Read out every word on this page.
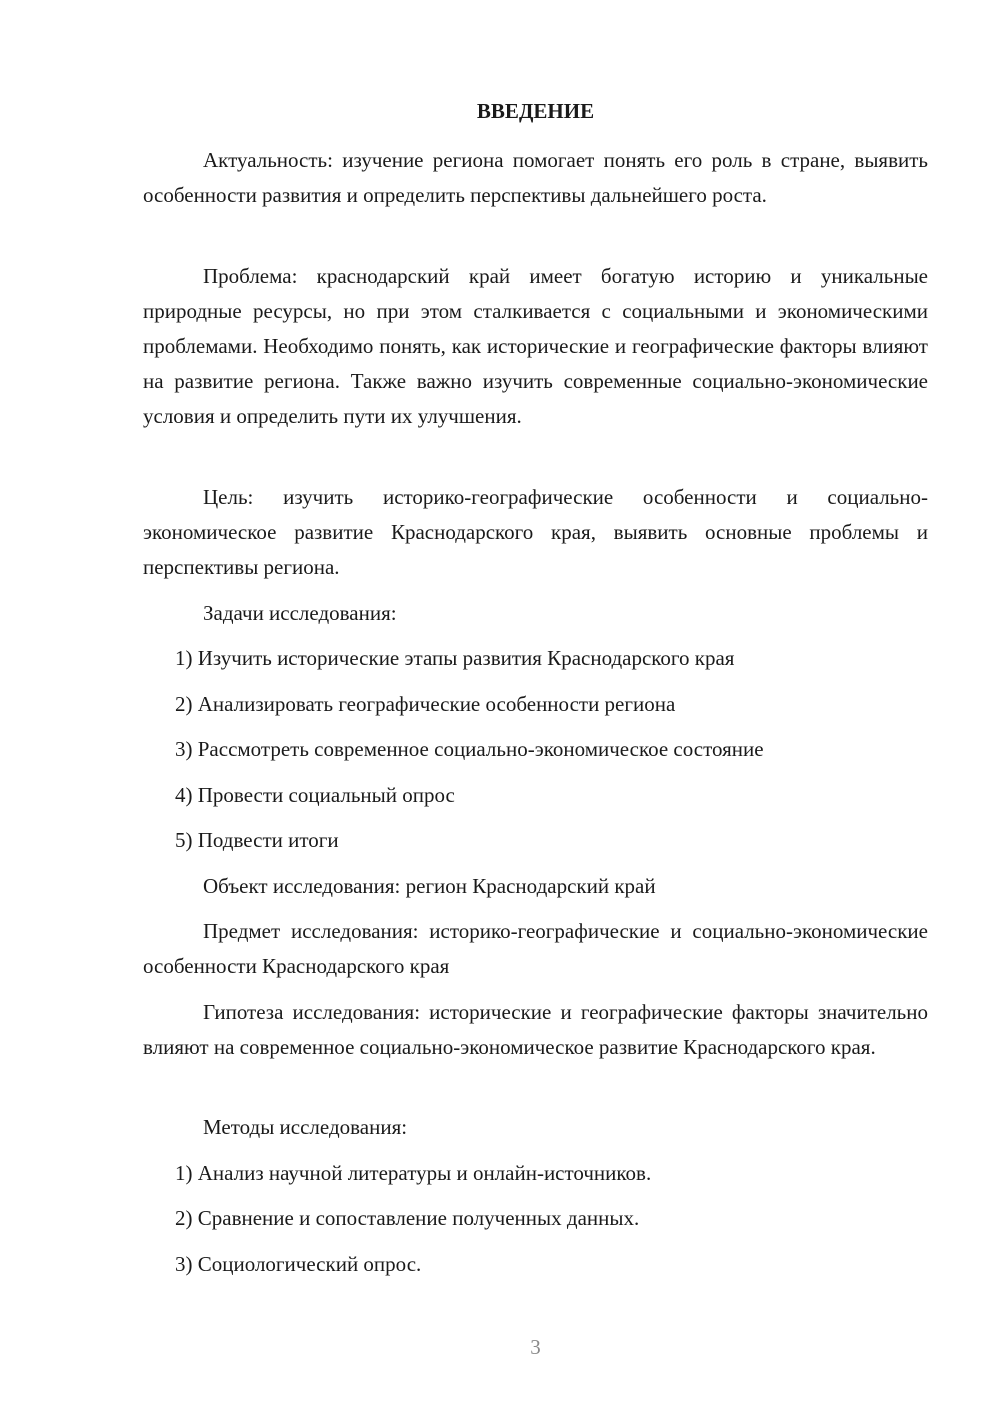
ВВЕДЕНИЕ

Актуальность: изучение региона помогает понять его роль в стране, выявить особенности развития и определить перспективы дальнейшего роста.

Проблема: краснодарский край имеет богатую историю и уникальные природные ресурсы, но при этом сталкивается с социальными и экономическими проблемами. Необходимо понять, как исторические и географические факторы влияют на развитие региона. Также важно изучить современные социально-экономические условия и определить пути их улучшения.

Цель: изучить историко-географические особенности и социально-экономическое развитие Краснодарского края, выявить основные проблемы и перспективы региона.

Задачи исследования:

1) Изучить исторические этапы развития Краснодарского края

2) Анализировать географические особенности региона

3) Рассмотреть современное социально-экономическое состояние

4) Провести социальный опрос

5) Подвести итоги

Объект исследования: регион Краснодарский край

Предмет исследования: историко-географические и социально-экономические особенности Краснодарского края

Гипотеза исследования: исторические и географические факторы значительно влияют на современное социально-экономическое развитие Краснодарского края.

Методы исследования:

1) Анализ научной литературы и онлайн-источников.

2) Сравнение и сопоставление полученных данных.

3) Социологический опрос.

3
